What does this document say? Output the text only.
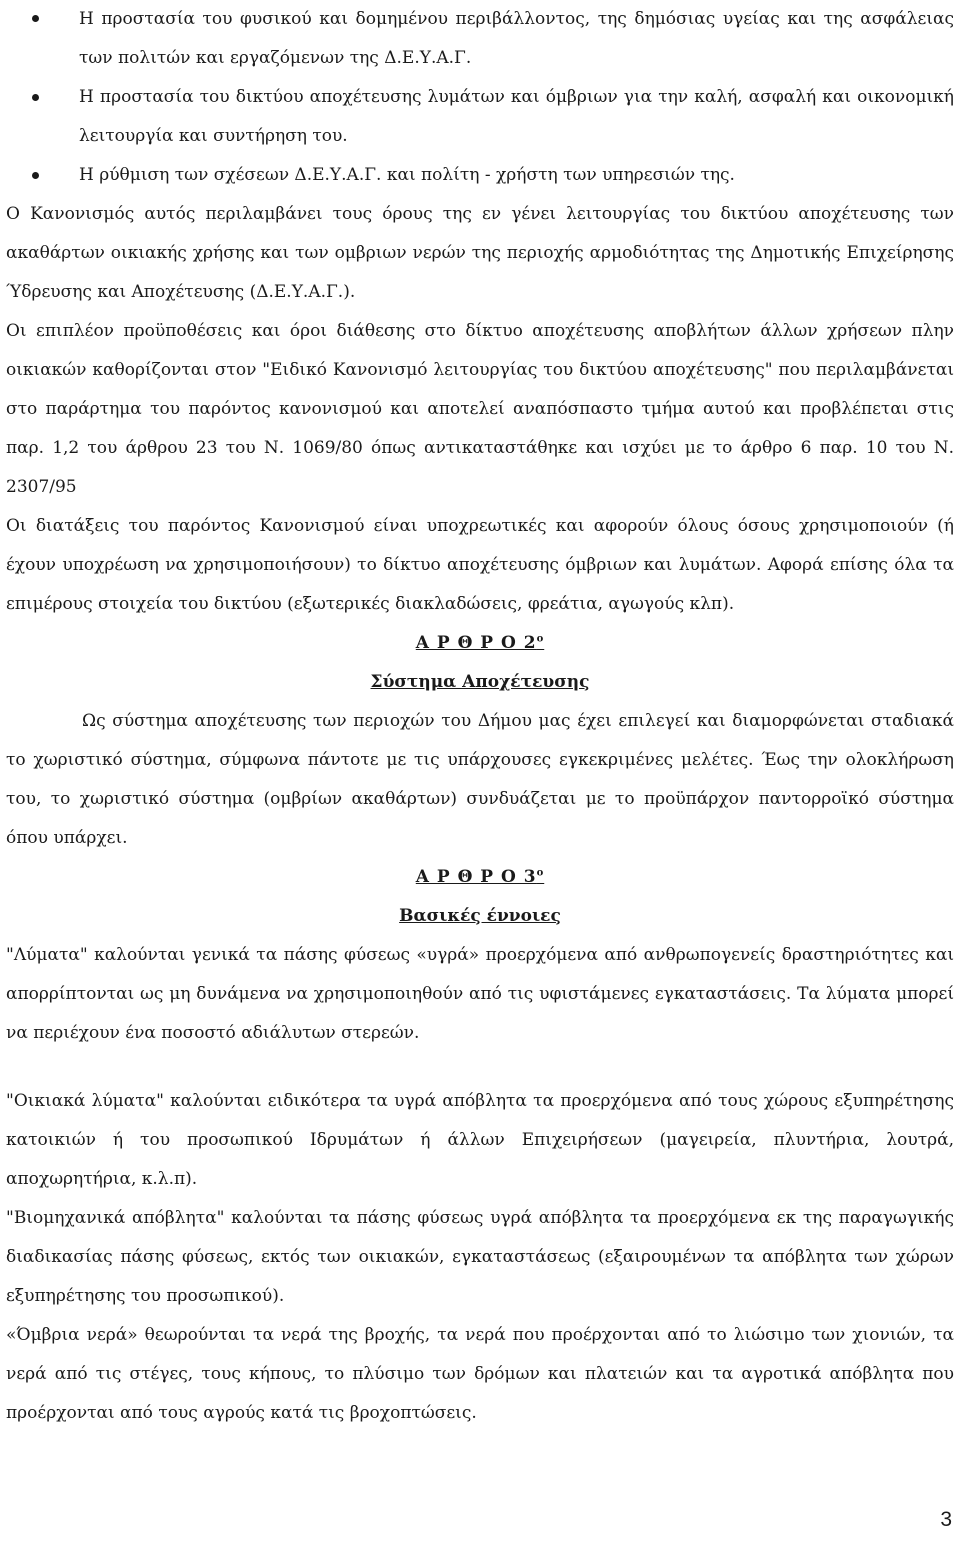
Η προστασία του φυσικού και δομημένου περιβάλλοντος, της δημόσιας υγείας και της ασφάλειας των πολιτών και εργαζόμενων της Δ.Ε.Υ.Α.Γ.
Η προστασία του δικτύου αποχέτευσης λυμάτων και όμβριων για την καλή, ασφαλή και οικονομική λειτουργία και συντήρηση του.
Η ρύθμιση των σχέσεων Δ.Ε.Υ.Α.Γ. και πολίτη - χρήστη των υπηρεσιών της.

Ο Κανονισμός αυτός περιλαμβάνει τους όρους της εν γένει λειτουργίας του δικτύου αποχέτευσης των ακαθάρτων οικιακής χρήσης και των ομβριων νερών της περιοχής αρμοδιότητας της Δημοτικής Επιχείρησης Ύδρευσης και Αποχέτευσης (Δ.Ε.Υ.Α.Γ.).

Οι επιπλέον προϋποθέσεις και όροι διάθεσης στο δίκτυο αποχέτευσης αποβλήτων άλλων χρήσεων πλην οικιακών καθορίζονται στον "Ειδικό Κανονισμό λειτουργίας του δικτύου αποχέτευσης" που περιλαμβάνεται στο παράρτημα του παρόντος κανονισμού και αποτελεί αναπόσπαστο τμήμα αυτού και προβλέπεται στις παρ. 1,2 του άρθρου 23 του Ν. 1069/80 όπως αντικαταστάθηκε και ισχύει με το άρθρο 6 παρ. 10 του Ν. 2307/95

Οι διατάξεις του παρόντος Κανονισμού είναι υποχρεωτικές και αφορούν όλους όσους χρησιμοποιούν (ή έχουν υποχρέωση να χρησιμοποιήσουν) το δίκτυο αποχέτευσης όμβριων και λυμάτων. Αφορά επίσης όλα τα επιμέρους στοιχεία του δικτύου (εξωτερικές διακλαδώσεις, φρεάτια, αγωγούς κλπ).

Α Ρ Θ Ρ Ο $2^o$

Σύστημα Αποχέτευσης

Ως σύστημα αποχέτευσης των περιοχών του Δήμου μας έχει επιλεγεί και διαμορφώνεται σταδιακά το χωριστικό σύστημα, σύμφωνα πάντοτε με τις υπάρχουσες εγκεκριμένες μελέτες. Έως την ολοκλήρωση του, το χωριστικό σύστημα (ομβρίων ακαθάρτων) συνδυάζεται με το προϋπάρχον παντορροϊκό σύστημα όπου υπάρχει.

Α Ρ Θ Ρ Ο $3^o$

Βασικές έννοιες

"Λύματα" καλούνται γενικά τα πάσης φύσεως «υγρά» προερχόμενα από ανθρωπογενείς δραστηριότητες και απορρίπτονται ως μη δυνάμενα να χρησιμοποιηθούν από τις υφιστάμενες εγκαταστάσεις. Τα λύματα μπορεί να περιέχουν ένα ποσοστό αδιάλυτων στερεών.

"Οικιακά λύματα" καλούνται ειδικότερα τα υγρά απόβλητα τα προερχόμενα από τους χώρους εξυπηρέτησης κατοικιών ή του προσωπικού Ιδρυμάτων ή άλλων Επιχειρήσεων (μαγειρεία, πλυντήρια, λουτρά, αποχωρητήρια, κ.λ.π).

"Βιομηχανικά απόβλητα" καλούνται τα πάσης φύσεως υγρά απόβλητα τα προερχόμενα εκ της παραγωγικής διαδικασίας πάσης φύσεως, εκτός των οικιακών, εγκαταστάσεως (εξαιρουμένων τα απόβλητα των χώρων εξυπηρέτησης του προσωπικού).

«Όμβρια νερά» θεωρούνται τα νερά της βροχής, τα νερά που προέρχονται από το λιώσιμο των χιονιών, τα νερά από τις στέγες, τους κήπους, το πλύσιμο των δρόμων και πλατειών και τα αγροτικά απόβλητα που προέρχονται από τους αγρούς κατά τις βροχοπτώσεις.

3
